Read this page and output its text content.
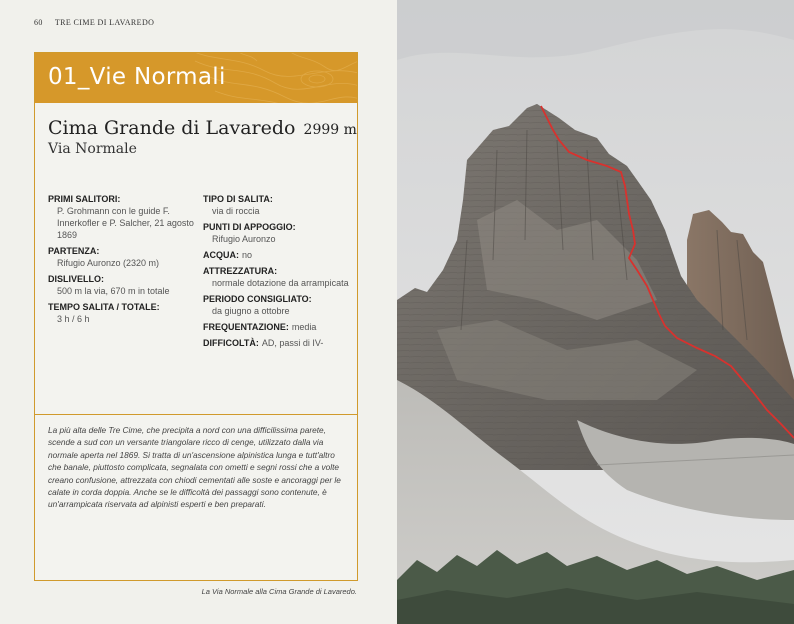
60 TRE CIME DI LAVAREDO
01_Vie Normali
Cima Grande di Lavaredo 2999 m
Via Normale
PRIMI SALITORI:
P. Grohmann con le guide F. Innerkofler e P. Salcher, 21 agosto 1869
PARTENZA:
Rifugio Auronzo (2320 m)
DISLIVELLO:
500 m la via, 670 m in totale
TEMPO SALITA / TOTALE:
3 h / 6 h
TIPO DI SALITA:
via di roccia
PUNTI DI APPOGGIO:
Rifugio Auronzo
ACQUA: no
ATTREZZATURA:
normale dotazione da arrampicata
PERIODO CONSIGLIATO:
da giugno a ottobre
FREQUENTAZIONE: media
DIFFICOLTÀ: AD, passi di IV-
La più alta delle Tre Cime, che precipita a nord con una difficilissima parete, scende a sud con un versante triangolare ricco di cenge, utilizzato dalla via normale aperta nel 1869. Si tratta di un'ascensione alpinistica lunga e tutt'altro che banale, piuttosto complicata, segnalata con ometti e segni rossi che a volte creano confusione, attrezzata con chiodi cementati alle soste e ancoraggi per le calate in corda doppia. Anche se le difficoltà dei passaggi sono contenute, è un'arrampicata riservata ad alpinisti esperti e ben preparati.
La Via Normale alla Cima Grande di Lavaredo.
